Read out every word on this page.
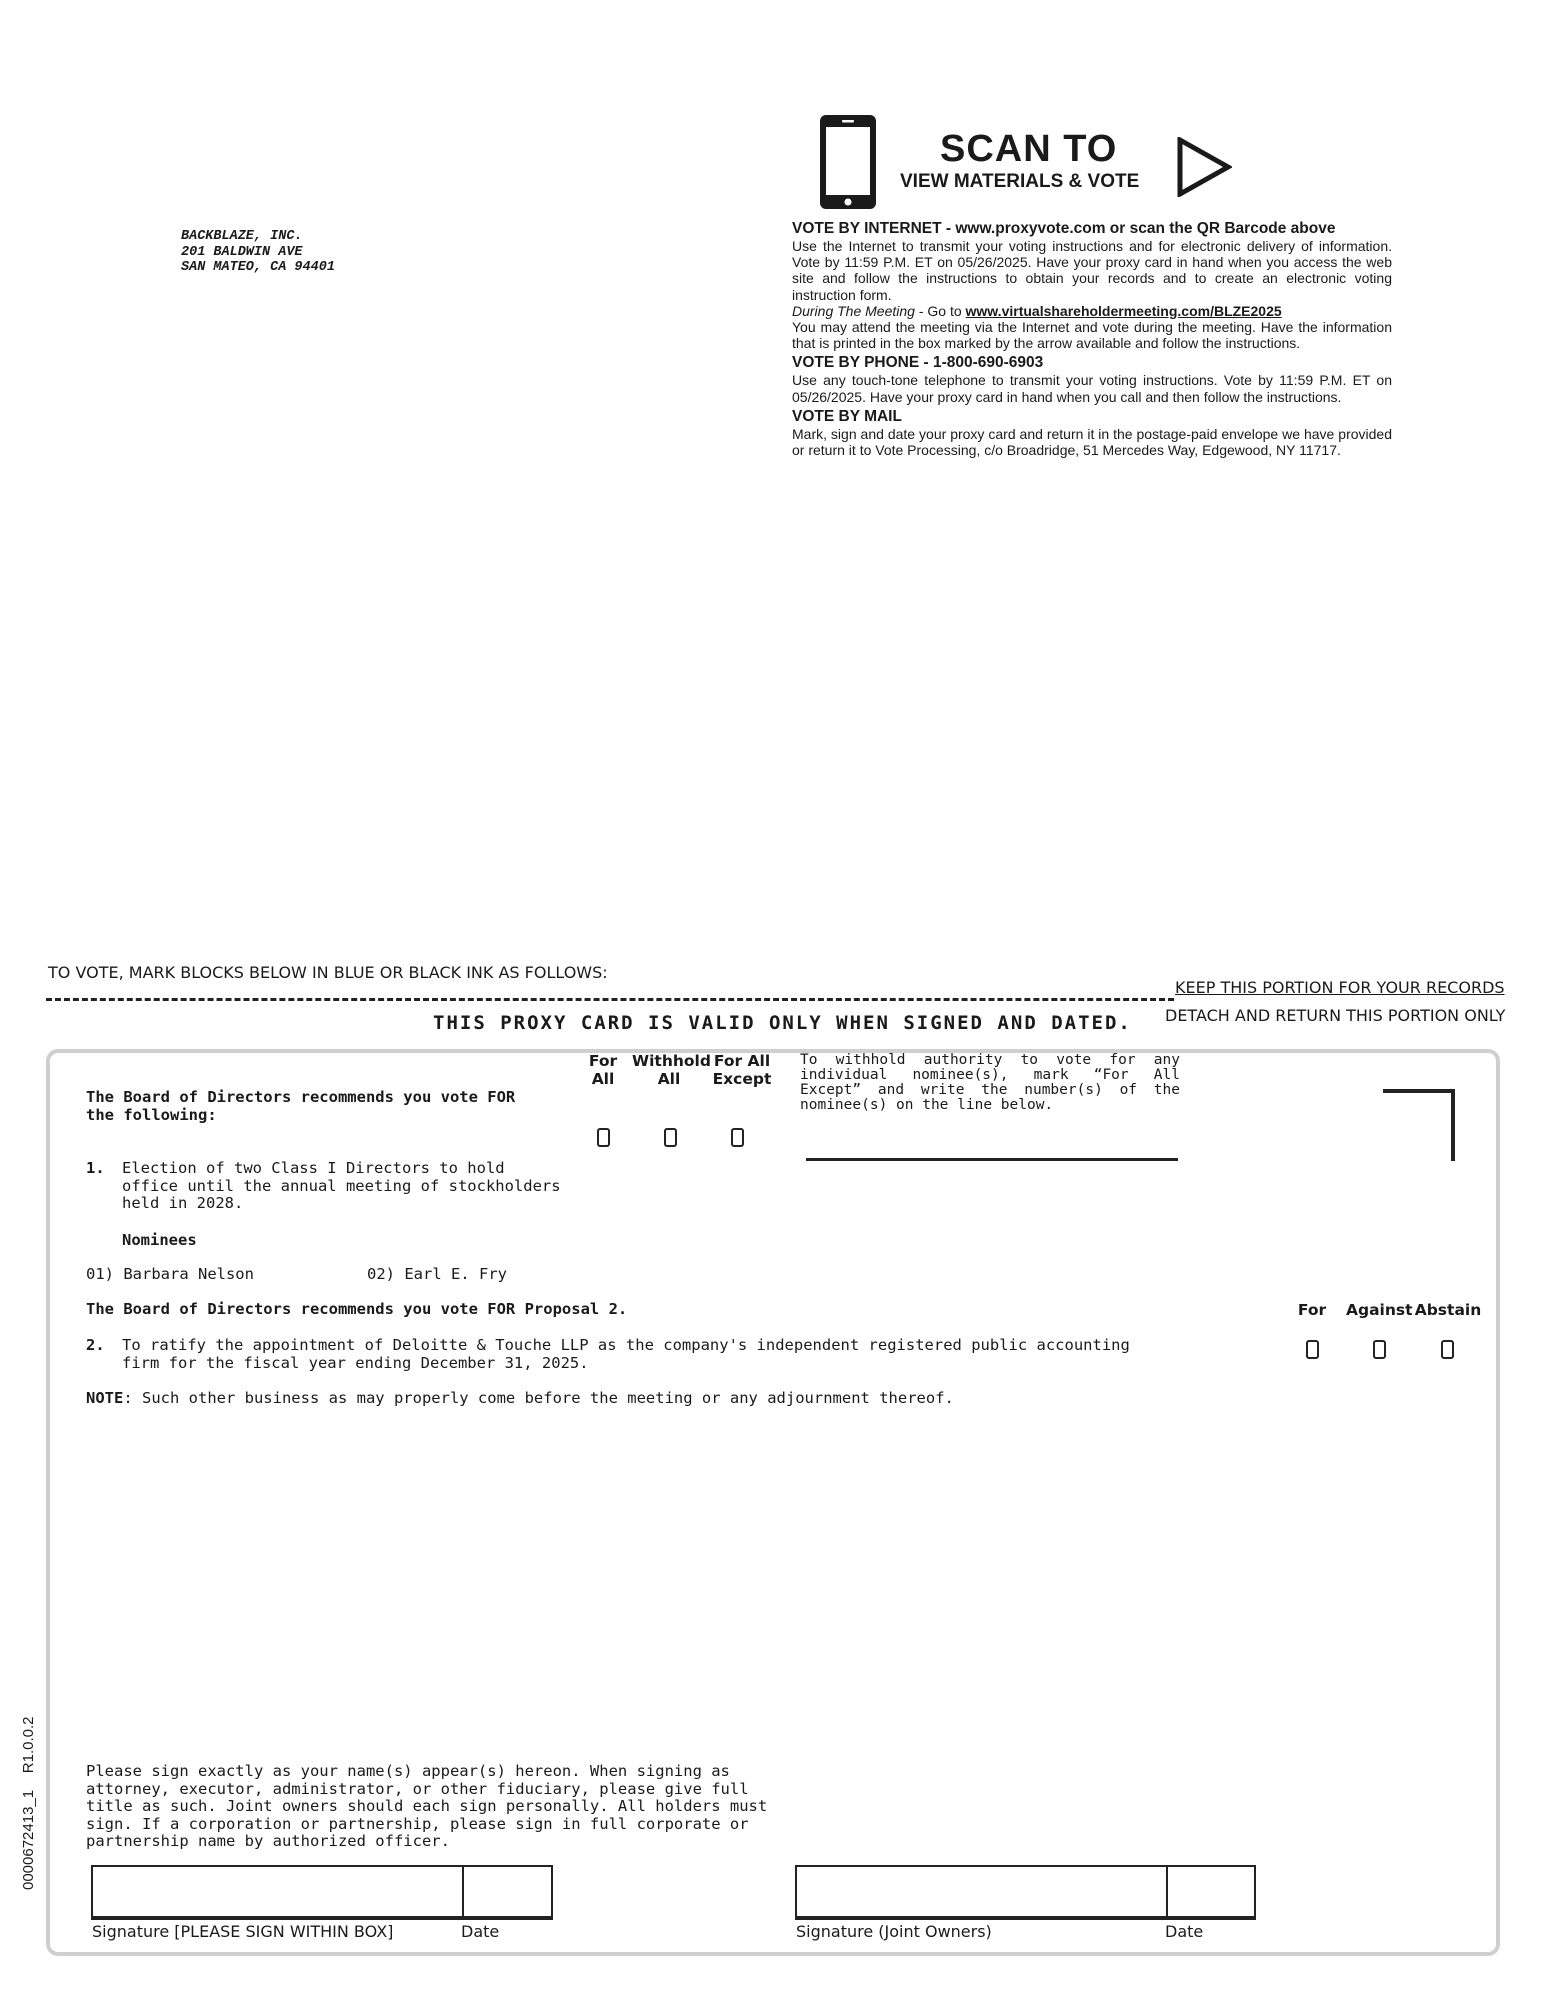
BACKBLAZE, INC.
201 BALDWIN AVE
SAN MATEO, CA 94401
SCAN TO
VIEW MATERIALS & VOTE
VOTE BY INTERNET - www.proxyvote.com or scan the QR Barcode above

Use the Internet to transmit your voting instructions and for electronic delivery of information. Vote by 11:59 P.M. ET on 05/26/2025. Have your proxy card in hand when you access the web site and follow the instructions to obtain your records and to create an electronic voting instruction form.

During The Meeting - Go to www.virtualshareholdermeeting.com/BLZE2025

You may attend the meeting via the Internet and vote during the meeting. Have the information that is printed in the box marked by the arrow available and follow the instructions.

VOTE BY PHONE - 1-800-690-6903

Use any touch-tone telephone to transmit your voting instructions. Vote by 11:59 P.M. ET on 05/26/2025. Have your proxy card in hand when you call and then follow the instructions.

VOTE BY MAIL

Mark, sign and date your proxy card and return it in the postage-paid envelope we have provided or return it to Vote Processing, c/o Broadridge, 51 Mercedes Way, Edgewood, NY 11717.

TO VOTE, MARK BLOCKS BELOW IN BLUE OR BLACK INK AS FOLLOWS:
KEEP THIS PORTION FOR YOUR RECORDS
DETACH AND RETURN THIS PORTION ONLY
THIS PROXY CARD IS VALID ONLY WHEN SIGNED AND DATED.
The Board of Directors recommends you vote FOR
the following:
For
All
Withhold
All
For All
Except
To withhold authority to vote for any
individual nominee(s), mark “For All
Except” and write the number(s) of the
nominee(s) on the line below.
1. Election of two Class I Directors to hold
office until the annual meeting of stockholders
held in 2028.
Nominees
01) Barbara Nelson	02) Earl E. Fry
The Board of Directors recommends you vote FOR Proposal 2.	For	Against Abstain
2. To ratify the appointment of Deloitte & Touche LLP as the company's independent registered public accounting
firm for the fiscal year ending December 31, 2025.
NOTE: Such other business as may properly come before the meeting or any adjournment thereof.
Please sign exactly as your name(s) appear(s) hereon. When signing as
attorney, executor, administrator, or other fiduciary, please give full
title as such. Joint owners should each sign personally. All holders must
sign. If a corporation or partnership, please sign in full corporate or
partnership name by authorized officer.
Signature [PLEASE SIGN WITHIN BOX]	Date	Signature (Joint Owners)	Date
0000672413_1    R1.0.0.2
